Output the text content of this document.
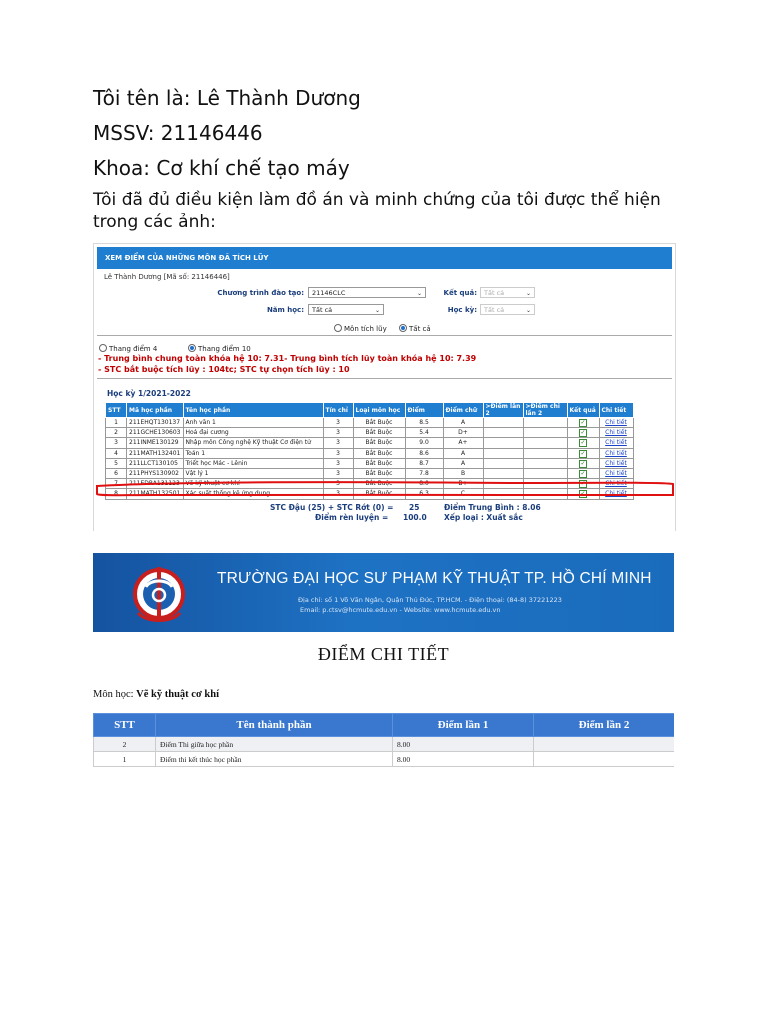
Tôi tên là: Lê Thành Dương
MSSV: 21146446
Khoa: Cơ khí chế tạo máy
Tôi đã đủ điều kiện làm đồ án và minh chứng của tôi được thể hiện trong các ảnh:
XEM ĐIỂM CỦA NHỮNG MÔN ĐÃ TÍCH LŨY
Lê Thành Dương [Mã số: 21146446]
Chương trình đào tạo:	21146CLC	⌄
Năm học:	Tất cả	⌄
Kết quả:	Tất cả	⌄
Học kỳ:	Tất cả	⌄
Môn tích lũy	Tất cả
Thang điểm 4	Thang điểm 10
- Trung bình chung toàn khóa hệ 10: 7.31- Trung bình tích lũy toàn khóa hệ 10: 7.39
- STC bắt buộc tích lũy : 104tc; STC tự chọn tích lũy : 10
Học kỳ 1/2021-2022
STT	Mã học phần	Tên học phần	Tín chỉ	Loại môn học	Điểm	Điểm chữ	>Điểm lần 2	>Điểm chi lần 2	Kết quả	Chi tiết
1	211EHQT130137	Anh văn 1	3	Bắt Buộc	8.5	A			✓	Chi tiết
2	211GCHE130603	Hoá đại cương	3	Bắt Buộc	5.4	D+			✓	Chi tiết
3	211INME130129	Nhập môn Công nghệ Kỹ thuật Cơ điện tử	3	Bắt Buộc	9.0	A+			✓	Chi tiết
4	211MATH132401	Toán 1	3	Bắt Buộc	8.6	A			✓	Chi tiết
5	211LLCT130105	Triết học Mác - Lênin	3	Bắt Buộc	8.7	A			✓	Chi tiết
6	211PHYS130902	Vật lý 1	3	Bắt Buộc	7.8	B			✓	Chi tiết
7	211EDRA131123	Vẽ kỹ thuật cơ khí	3	Bắt Buộc	8.0	B+			✓	Chi tiết
8	211MATH132501	Xác suất thống kê ứng dụng	3	Bắt Buộc	6.3	C			✓	Chi tiết
STC Đậu (25) + STC Rớt (0) = 25	Điểm Trung Bình : 8.06
Điểm rèn luyện = 100.0 Xếp loại : Xuất sắc
TRƯỜNG ĐẠI HỌC SƯ PHẠM KỸ THUẬT TP. HỒ CHÍ MINH
Địa chỉ: số 1 Võ Văn Ngân, Quận Thủ Đức, TP.HCM. - Điện thoại: (84-8) 37221223
Email: p.ctsv@hcmute.edu.vn - Website: www.hcmute.edu.vn
ĐIỂM CHI TIẾT
Môn học: Vẽ kỹ thuật cơ khí
STT	Tên thành phần	Điểm lần 1	Điểm lần 2
2	Điểm Thi giữa học phần	8.00	
1	Điểm thi kết thúc học phần	8.00	
